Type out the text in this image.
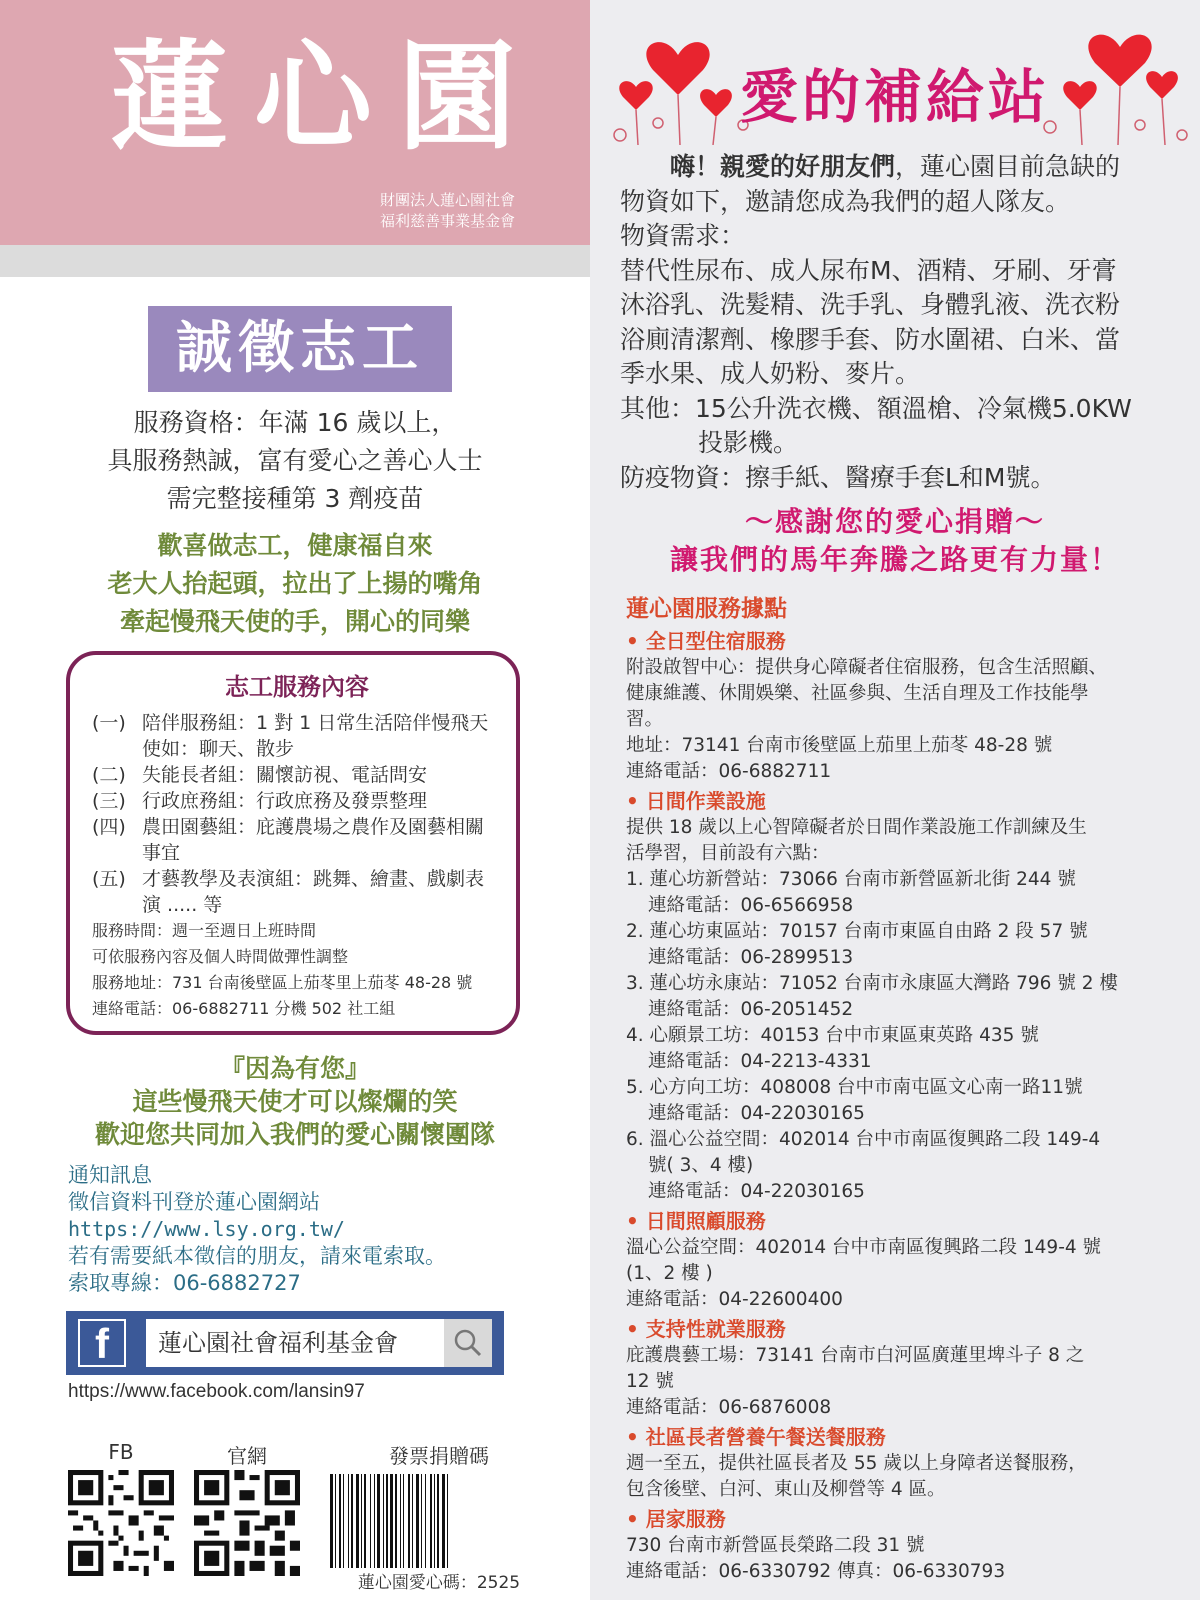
蓮心園
財團法人蓮心園社會
福利慈善事業基金會
誠徵志工
服務資格：年滿 16 歲以上，
具服務熱誠，富有愛心之善心人士
需完整接種第 3 劑疫苗
歡喜做志工，健康福自來
老大人抬起頭，拉出了上揚的嘴角
牽起慢飛天使的手，開心的同樂
志工服務內容
(一) 陪伴服務組：1 對 1 日常生活陪伴慢飛天使如：聊天、散步
(二) 失能長者組：關懷訪視、電話問安
(三) 行政庶務組：行政庶務及發票整理
(四) 農田園藝組：庇護農場之農作及園藝相關事宜
(五) 才藝教學及表演組：跳舞、繪畫、戲劇表演 ..... 等
服務時間：週一至週日上班時間
可依服務內容及個人時間做彈性調整
服務地址：731 台南後壁區上茄苳里上茄苳 48-28 號
連絡電話：06-6882711 分機 502 社工組
『因為有您』
這些慢飛天使才可以燦爛的笑
歡迎您共同加入我們的愛心關懷團隊
通知訊息
徵信資料刊登於蓮心園網站
https://www.lsy.org.tw/
若有需要紙本徵信的朋友，請來電索取。
索取專線：06-6882727
f	蓮心園社會福利基金會
https://www.facebook.com/lansin97
FB	官網	發票捐贈碼
蓮心園愛心碼：2525
愛的補給站
　　嗨！親愛的好朋友們，蓮心園目前急缺的
物資如下，邀請您成為我們的超人隊友。
物資需求：
替代性尿布、成人尿布M、酒精、牙刷、牙膏
沐浴乳、洗髮精、洗手乳、身體乳液、洗衣粉
浴廁清潔劑、橡膠手套、防水圍裙、白米、當
季水果、成人奶粉、麥片。
其他：15公升洗衣機、額溫槍、冷氣機5.0KW
投影機。
防疫物資：擦手紙、醫療手套L和M號。
～感謝您的愛心捐贈～
讓我們的馬年奔騰之路更有力量！
蓮心園服務據點
• 全日型住宿服務
附設啟智中心：提供身心障礙者住宿服務，包含生活照顧、
健康維護、休閒娛樂、社區參與、生活自理及工作技能學
習。
地址：73141 台南市後壁區上茄里上茄苳 48-28 號
連絡電話：06-6882711
• 日間作業設施
提供 18 歲以上心智障礙者於日間作業設施工作訓練及生
活學習，目前設有六點：
1. 蓮心坊新營站：73066 台南市新營區新北街 244 號
連絡電話：06-6566958
2. 蓮心坊東區站：70157 台南市東區自由路 2 段 57 號
連絡電話：06-2899513
3. 蓮心坊永康站：71052 台南市永康區大灣路 796 號 2 樓
連絡電話：06-2051452
4. 心願景工坊：40153 台中市東區東英路 435 號
連絡電話：04-2213-4331
5. 心方向工坊：408008 台中市南屯區文心南一路11號
連絡電話：04-22030165
6. 溫心公益空間：402014 台中市南區復興路二段 149-4
號( 3、4 樓)
連絡電話：04-22030165
• 日間照顧服務
溫心公益空間：402014 台中市南區復興路二段 149-4 號
(1、2 樓 )
連絡電話：04-22600400
• 支持性就業服務
庇護農藝工場：73141 台南市白河區廣蓮里埤斗子 8 之
12 號
連絡電話：06-6876008
• 社區長者營養午餐送餐服務
週一至五，提供社區長者及 55 歲以上身障者送餐服務，
包含後壁、白河、東山及柳營等 4 區。
• 居家服務
730 台南市新營區長榮路二段 31 號
連絡電話：06-6330792 傳真：06-6330793
